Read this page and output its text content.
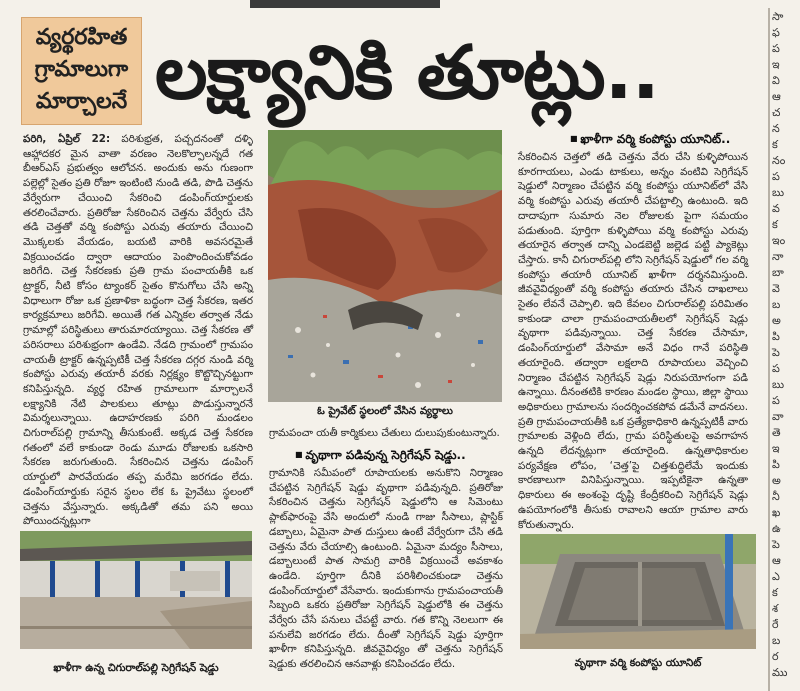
వ్యర్థరహిత
గ్రామాలుగా
మార్చాలనే లక్ష్యానికి తూట్లు..

పరిగి, ఏప్రిల్ 22: పరిశుభ్రత, పచ్చదనంతో దళ్ళి ఆహ్లాదకర మైన వాతా వరణం నెలకొల్పాలన్నదే గత బీఆర్ఎస్ ప్రభుత్వం ఆలోచన. అందుకు అను గుణంగా పల్లెల్లో సైతం ప్రతి రోజూ ఇంటింటి నుండి తడి, పొడి చెత్తను వేర్వేరుగా చేయించి సేకరించి డంపింగ్‌యార్డులకు తరలించేవారు. ప్రతిరోజు సేకరించిన చెత్తను వేర్వేరు చేసి తడి చెత్తతో వర్మి కంపోస్టు ఎరువు తయారు చేయించి మొక్కలకు వేయడం, బయటి వారికి అవసరమైతే విక్రయించడం ద్వారా ఆదాయం పెంపొందించుకోవడం జరిగేది. చెత్త సేకరణకు ప్రతి గ్రామ పంచాయతీకి ఒక ట్రాక్టర్, నీటి కోసం ట్యాంకర్ సైతం కొనుగోలు చేసి అన్ని విధాలుగా రోజు ఒక ప్రణాళికా బద్ధంగా చెత్త సేకరణ, ఇతర కార్యక్రమాలు జరిగేవి. అయితే గత ఎన్నికల తర్వాత నేడు గ్రామాల్లో పరిస్థితులు తారుమారయ్యాయి. చెత్త సేకరణ తో పరిసరాలు పరిశుభ్రంగా ఉండేవి. నేడది గ్రామంలో గ్రామపం చాయతీ ట్రాక్టర్ ఉన్నప్పటికీ చెత్త సేకరణ దగ్గర నుండి వర్మి కంపోస్టు ఎరువు తయారీ వరకు నిర్లక్ష్యం కొట్టొచ్చినట్టుగా కనిపిస్తున్నది. వ్యర్థ రహిత గ్రామాలుగా మార్చాలనే లక్ష్యానికి నేటి పాలకులు తూట్లు పొడుస్తున్నారనే విమర్శలున్నాయి. ఉదాహరణకు పరిగి మండలం చిగురాల్‌పల్లి గ్రామాన్ని తీసుకుంటే. అక్కడ చెత్త సేకరణ గతంలో వలే కాకుండా రెండు మూడు రోజులకు ఒకసారి సేకరణ జరుగుతుంది. సేకరించిన చెత్తను డంపింగ్ యార్డులో పారవేయడం తప్ప మరేమి జరగడం లేదు. డంపింగ్‌యార్డుకు సరైన స్థలం లేక ఓ ప్రైవేటు స్థలంలో చెత్తను వేస్తున్నారు. అక్కడితో తమ పని అయి పోయిందన్నట్లుగా

ఓ ప్రైవేట్ స్థలంలో వేసిన వ్యర్థాలు

గ్రామపంచా యతీ కార్మికులు చేతులు దులుపుకుంటున్నారు.

■ వృథాగా పడివున్న సెగ్రిగేషన్ షెడ్డు..

గ్రామానికి సమీపంలో రూపాయలకు అనుకొని నిర్మాణం చేపట్టిన సెగ్రిగేషన్ షెడ్డు వృథాగా పడివున్నది. ప్రతిరోజు సేకరించిన చెత్తను సెగ్రిగేషన్ షెడ్డులోని ఆ సిమెంటు ప్లాట్‌ఫారంపై వేసి అందులో నుండి గాజు సీసాలు, ప్లాస్టిక్ డబ్బాలు, ఏమైనా పాత దుస్తులు ఉంటే వేర్వేరుగా చేసి తడి చెత్తను వేరు చేయాల్సి ఉంటుంది. ఏమైనా మద్యం సీసాలు, డబ్బాలుంటే పాత సామగ్రి వారికి విక్రయించే అవకాశం ఉండేది. పూర్తిగా దీనికి పరిశీలించకుండా చెత్తను డంపింగ్‌యార్డులో వేసేవారు. ఇందుకుగాను గ్రామపంచాయతీ సిబ్బంది ఒకరు ప్రతిరోజు సెగ్రిగేషన్ షెడ్డులోకి ఈ చెత్తను వేర్వేరు చేసే పనులు చేపట్టే వారు. గత కొన్ని నెలలుగా ఈ పనులేవి జరగడం లేదు. దీంతో సెగ్రిగేషన్ షెడ్డు పూర్తిగా ఖాళీగా కనిపిస్తున్నది. జీవవైవిధ్యం తో చెత్తను సెగ్రిగేషన్ షెడ్డుకు తరలించిన ఆనవాళ్లు కనిపించడం లేదు.

■ ఖాళీగా వర్మి కంపోస్టు యూనిట్..

సేకరించిన చెత్తలో తడి చెత్తను వేరు చేసి కుళ్ళిపోయిన కూరగాయలు, ఎండు టాకులు, అన్నం వంటివి సెగ్రిగేషన్ షెడ్డులో నిర్మాణం చేపట్టిన వర్మి కంపోస్టు యూనిట్‌లో వేసి వర్మి కంపోస్టు ఎరువు తయారీ చేపట్టాల్సి ఉంటుంది. ఇది దాదాపుగా సుమారు నెల రోజులకు పైగా సమయం పడుతుంది. పూర్తిగా కుళ్ళిపోయి వర్మి కంపోస్టు ఎరువు తయారైన తర్వాత దాన్ని ఎండబెట్టి జల్లెడ పట్టి ప్యాకెట్లు చేస్తారు. కానీ చిగురాల్‌పల్లి లోని సెగ్రిగేషన్ షెడ్డులో గల వర్మి కంపోస్టు తయారీ యూనిట్ ఖాళీగా దర్శనమిస్తుంది. జీవవైవిధ్యంతో వర్మి కంపోస్టు తయారు చేసిన దాఖలాలు సైతం లేవనే చెప్పాలి. ఇది కేవలం చిగురాల్‌పల్లి పరిమితం కాకుండా చాలా గ్రామపంచాయతీలలో సెగ్రిగేషన్ షెడ్లు వృథాగా పడివున్నాయి. చెత్త సేకరణ చేసామా, డంపింగ్‌యార్డులో వేసామా అనే విధం గానే పరిస్థితి తయారైంది. తద్వారా లక్షలాది రూపాయలు వెచ్చించి నిర్మాణం చేపట్టిన సెగ్రిగేషన్ షెడ్లు నిరుపయోగంగా పడి ఉన్నాయి. దీనంతటికి కారణం మండల స్థాయి, జిల్లా స్థాయి అధికారులు గ్రామాలను సందర్శించకపోవ డమేనే వాదనలు. ప్రతి గ్రామపంచాయతీకి ఒక ప్రత్యేకాధికారి ఉన్నప్పటికీ వారు గ్రామాలకు వెళ్లింది లేదు, గ్రామ పరిస్థితులపై అవగాహన ఉన్నది లేదన్నట్లుగా తయారైంది. ఉన్నతాధికారుల పర్యవేక్షణ లోపం, ‘చెత్త’పై చిత్తశుద్ధిలేమే ఇందుకు కారణాలుగా వినిపిస్తున్నాయి. ఇప్పటికైనా ఉన్నతా ధికారులు ఈ అంశంపై దృష్టి కేంద్రీకరించి సెగ్రిగేషన్ షెడ్లు ఉపయోగంలోకి తీసుకు రావాలని ఆయా గ్రామాల వారు కోరుతున్నారు.

ఖాళీగా ఉన్న చిగురాల్‌పల్లి సెగ్రిగేషన్ షెడ్డు	వృథాగా వర్మి కంపోస్టు యూనిట్
సా
ఫ
ప
ఇ
వి
ఆ
చ
న
క
నం
ప
బు
వ
క
ఇం
నా
బా
వె
బ
అ
పి
పె
ప
బు
ప
వా
తె
ఇ
పి
అ
నీ
ఖ
ఉ
పె
ఆ
ఎ
క
శ
రే
బ
ర
ము
